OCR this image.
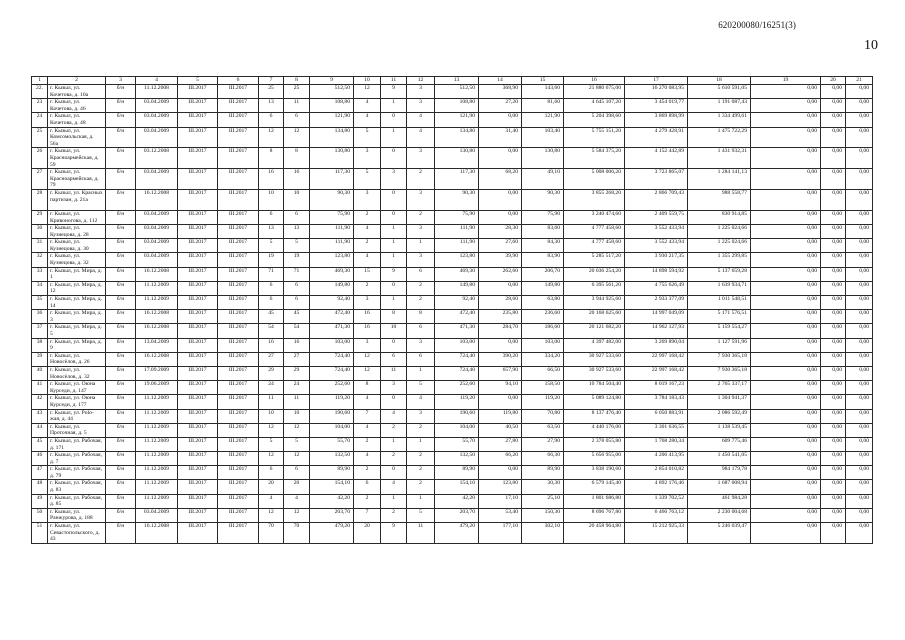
620200080/16251(3)
10
1	2	3	4	5	6	7	8	9	10	11	12	13	14	15	16	17	18	19	20	21
22.	г. Кызыл, ул. Кочетова, д. 10а	б/н	11.12.2008	III.2017	III.2017	25	25	512,50	12	9	3	512,50	368,90	143,60	21 880 675,00	16 270 083,95	5 610 591,05	0,00	0,00	0,00
23	г. Кызыл, ул. Кочетова, д. 46	б/н	03.04.2009	III.2017	III.2017	13	11	108,80	4	1	3	108,80	27,20	81,60	4 645 107,20	3 454 019,77	1 191 087,43	0,00	0,00	0,00
24	г. Кызыл, ул. Кочетова, д. 48	б/н	03.04.2009	III.2017	III.2017	6	6	121,90	4	0	4	121,90	0,00	121,90	5 204 398,60	3 869 898,99	1 334 499,61	0,00	0,00	0,00
25	г. Кызыл, ул. Комсомольская, д. 56а	б/н	03.04.2009	III.2017	III.2017	12	12	134,80	5	1	4	134,80	31,40	103,40	5 755 151,20	4 279 428,91	1 475 722,29	0,00	0,00	0,00
26	г. Кызыл, ул. Красноармейская, д. 59	б/н	03.12.2008	III.2017	III.2017	8	8	130,80	3	0	3	130,80	0,00	130,80	5 584 375,20	4 152 442,89	1 431 932,31	0,00	0,00	0,00
27	г. Кызыл, ул. Красноармейская, д. 79	б/н	03.04.2009	III.2017	III.2017	16	16	117,30	5	3	2	117,30	68,20	49,10	5 008 006,20	3 723 865,07	1 284 141,13	0,00	0,00	0,00
28	г. Кызыл, ул. Красных партизан, д. 21а	б/н	16.12.2008	III.2017	III.2017	10	10	90,30	3	0	3	90,30	0,00	90,30	3 855 268,20	2 866 709,43	988 558,77	0,00	0,00	0,00
29	г. Кызыл, ул. Кривоногова, д. 112	б/н	03.04.2009	III.2017	III.2017	6	6	75,90	2	0	2	75,90	0,00	75,90	3 240 474,60	2 409 559,75	830 914,85	0,00	0,00	0,00
30	г. Кызыл, ул. Кузнецова, д. 28	б/н	03.04.2009	III.2017	III.2017	13	13	111,90	4	1	3	111,90	28,30	83,60	4 777 458,60	3 552 433,94	1 225 024,66	0,00	0,00	0,00
31	г. Кызыл, ул. Кузнецова, д. 30	б/н	03.04.2009	III.2017	III.2017	5	5	111,90	2	1	1	111,90	27,60	84,30	4 777 458,60	3 552 433,94	1 225 024,66	0,00	0,00	0,00
32	г. Кызыл, ул. Кузнецова, д. 32	б/н	03.04.2009	III.2017	III.2017	19	19	123,80	4	1	3	123,80	39,90	83,90	5 285 517,20	3 930 217,35	1 355 299,85	0,00	0,00	0,00
33	г. Кызыл, ул. Мира, д. 1	б/н	16.12.2008	III.2017	III.2017	71	71	469,30	15	9	6	469,30	262,60	206,70	20 036 254,20	14 898 594,92	5 137 659,28	0,00	0,00	0,00
34	г. Кызыл, ул. Мира, д. 12	б/н	11.12.2009	III.2017	III.2017	6	6	149,80	2	0	2	149,80	0,00	149,80	6 395 561,20	4 755 626,49	1 639 934,71	0,00	0,00	0,00
35	г. Кызыл, ул. Мира, д. 14	б/н	11.12.2009	III.2017	III.2017	6	6	92,40	3	1	2	92,40	28,60	63,80	3 944 925,60	2 933 377,09	1 011 548,51	0,00	0,00	0,00
36	г. Кызыл, ул. Мира, д. 3	б/н	16.12.2008	III.2017	III.2017	45	45	472,40	16	8	8	472,40	235,80	236,60	20 168 625,60	14 997 049,09	5 171 576,51	0,00	0,00	0,00
37	г. Кызыл, ул. Мира, д. 5	б/н	16.12.2008	III.2017	III.2017	54	54	471,30	16	10	6	471,30	284,70	186,60	20 121 682,20	14 962 127,93	5 159 554,27	0,00	0,00	0,00
38	г. Кызыл, ул. Мира, д. 9	б/н	13.04.2009	III.2017	III.2017	16	16	103,00	3	0	3	103,00	0,00	103,00	4 397 482,00	3 269 890,04	1 127 591,96	0,00	0,00	0,00
39	г. Кызыл, ул. Новосёлов, д. 26	б/н	16.12.2008	III.2017	III.2017	27	27	724,40	12	6	6	724,40	390,20	334,20	30 927 533,60	22 997 168,42	7 930 365,18	0,00	0,00	0,00
40	г. Кызыл, ул. Новосёлов, д. 32	б/н	17.09.2009	III.2017	III.2017	29	29	724,40	12	11	1	724,40	657,90	66,50	30 927 533,60	22 997 168,42	7 930 365,18	0,00	0,00	0,00
41	г. Кызыл, ул. Оюна Курседи, д. 147	б/н	19.06.2009	III.2017	III.2017	24	24	252,60	8	3	5	252,60	94,10	158,50	10 784 504,40	8 019 167,23	2 765 337,17	0,00	0,00	0,00
42	г. Кызыл, ул. Оюна Курседи, д. 177	б/н	11.12.2009	III.2017	III.2017	11	11	119,20	4	0	4	119,20	0,00	119,20	5 089 124,80	3 784 183,43	1 304 941,37	0,00	0,00	0,00
43	г. Кызыл, ул. Polo-жая, д. 44	б/н	11.12.2009	III.2017	III.2017	10	10	190,60	7	4	3	190,60	119,80	70,80	8 137 476,40	6 050 883,91	2 086 592,49	0,00	0,00	0,00
44	г. Кызыл, ул. Проточная, д. 5	б/н	11.12.2009	III.2017	III.2017	12	12	104,00	4	2	2	104,00	40,50	63,50	4 440 176,00	3 301 636,55	1 138 539,45	0,00	0,00	0,00
45	г. Кызыл, ул. Рабочая, д. 171	б/н	11.12.2009	III.2017	III.2017	5	5	55,70	2	1	1	55,70	27,80	27,90	2 378 055,80	1 768 280,34	609 775,46	0,00	0,00	0,00
46	г. Кызыл, ул. Рабочая, д. 7	б/н	11.12.2009	III.2017	III.2017	12	12	132,50	4	2	2	132,50	66,20	66,30	5 656 955,00	4 206 413,95	1 450 541,05	0,00	0,00	0,00
47	г. Кызыл, ул. Рабочая, д. 79	б/н	11.12.2009	III.2017	III.2017	6	6	89,90	2	0	2	89,90	0,00	89,90	3 838 190,60	2 854 010,82	984 179,78	0,00	0,00	0,00
48	г. Кызыл, ул. Рабочая, д. 83	б/н	11.12.2009	III.2017	III.2017	20	20	154,10	6	4	2	154,10	123,80	30,30	6 579 145,40	4 892 176,46	1 687 008,94	0,00	0,00	0,00
49	г. Кызыл, ул. Рабочая, д. 85	б/н	11.12.2009	III.2017	III.2017	4	4	42,20	2	1	1	42,20	17,10	25,10	1 801 686,80	1 339 702,52	461 984,28	0,00	0,00	0,00
50	г. Кызыл, ул. Ранжурова, д. 188	б/н	03.04.2009	III.2017	III.2017	12	12	203,70	7	2	5	203,70	53,40	150,30	8 696 767,80	6 466 763,12	2 230 004,68	0,00	0,00	0,00
51	г. Кызыл, ул. Севастопольского, д. 43	б/н	16.12.2008	III.2017	III.2017	70	70	479,20	20	9	11	479,20	177,10	302,10	20 458 964,80	15 212 925,33	5 246 039,47	0,00	0,00	0,00
